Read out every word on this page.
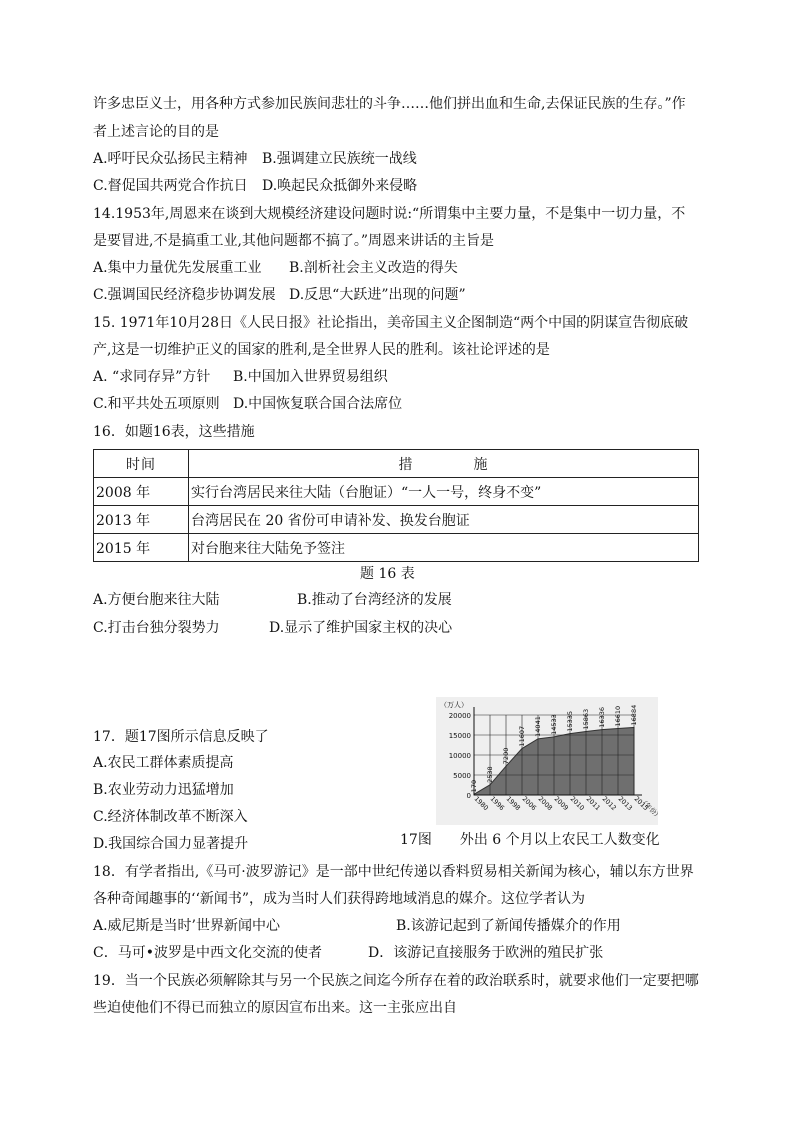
许多忠臣义士，用各种方式参加民族间悲壮的斗争……他们拼出血和生命,去保证民族的生存。”作
者上述言论的目的是
A.呼吁民众弘扬民主精神 B.强调建立民族统一战线
C.督促国共两党合作抗日 D.唤起民众抵御外来侵略
14.1953年,周恩来在谈到大规模经济建设问题时说:“所谓集中主要力量，不是集中一切力量，不
是要冒进,不是搞重工业,其他问题都不搞了。”周恩来讲话的主旨是
A.集中力量优先发展重工业 B.剖析社会主义改造的得失
C.强调国民经济稳步协调发展 D.反思“大跃进”出现的问题”
15. 1971年10月28日《人民日报》社论指出，美帝国主义企图制造“两个中国的阴谋宣告彻底破
产,这是一切维护正义的国家的胜利,是全世界人民的胜利。该社论评述的是
A. “求同存异”方针 B.中国加入世界贸易组织
C.和平共处五项原则 D.中国恢复联合国合法席位
16．如题16表，这些措施
时间	措　　　　施
2008 年	实行台湾居民来往大陆（台胞证）“一人一号，终身不变”
2013 年	台湾居民在 20 省份可申请补发、换发台胞证
2015 年	对台胞来往大陆免予签注
题 16 表
A.方便台胞来往大陆	B.推动了台湾经济的发展
C.打击台独分裂势力	D.显示了维护国家主权的决心
17．题17图所示信息反映了
A.农民工群体素质提高
B.农业劳动力迅猛增加
C.经济体制改革不断深入
D.我国综合国力显著提升
0
5000
10000
15000
20000
（万人）
1980
1996
1998
2006
2008
2009
2010
2011
2012
2013
2015
（年份）
170
2538
7200
11607 14041 14533 15335 15863 16336 16610 16884
17图　　外出 6 个月以上农民工人数变化
18．有学者指出,《马可·波罗游记》是一部中世纪传递以香料贸易相关新闻为核心，辅以东方世界
各种奇闻趣事的‘‘新闻书”，成为当时人们获得跨地域消息的媒介。这位学者认为
A.威尼斯是当时’世界新闻中心	B.该游记起到了新闻传播媒介的作用
C．马可•波罗是中西文化交流的使者	D．该游记直接服务于欧洲的殖民扩张
19．当一个民族必须解除其与另一个民族之间迄今所存在着的政治联系时，就要求他们一定要把哪
些迫使他们不得已而独立的原因宣布出来。这一主张应出自
